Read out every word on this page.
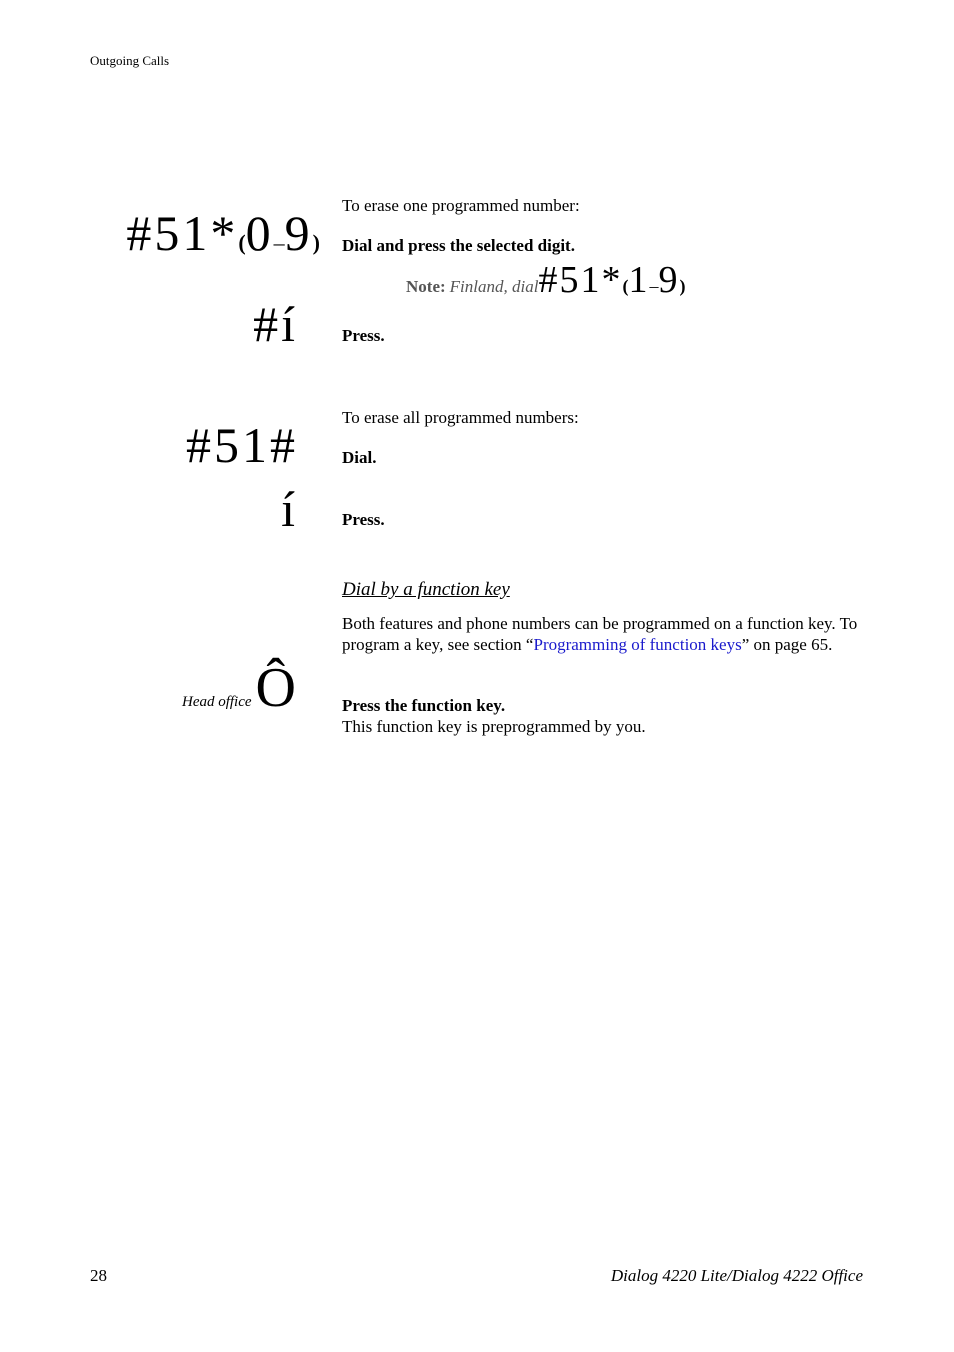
Outgoing Calls
To erase one programmed number:
#51*(0–9) Dial and press the selected digit.
Note: Finland, dial#51*(1–9)
#í	Press.
To erase all programmed numbers:
#51#	Dial.
í	Press.
Dial by a function key
Both features and phone numbers can be programmed on a function key. To program a key, see section “Programming of function keys” on page 65.
Head office Ô	Press the function key.
This function key is preprogrammed by you.
28	Dialog 4220 Lite/Dialog 4222 Office
